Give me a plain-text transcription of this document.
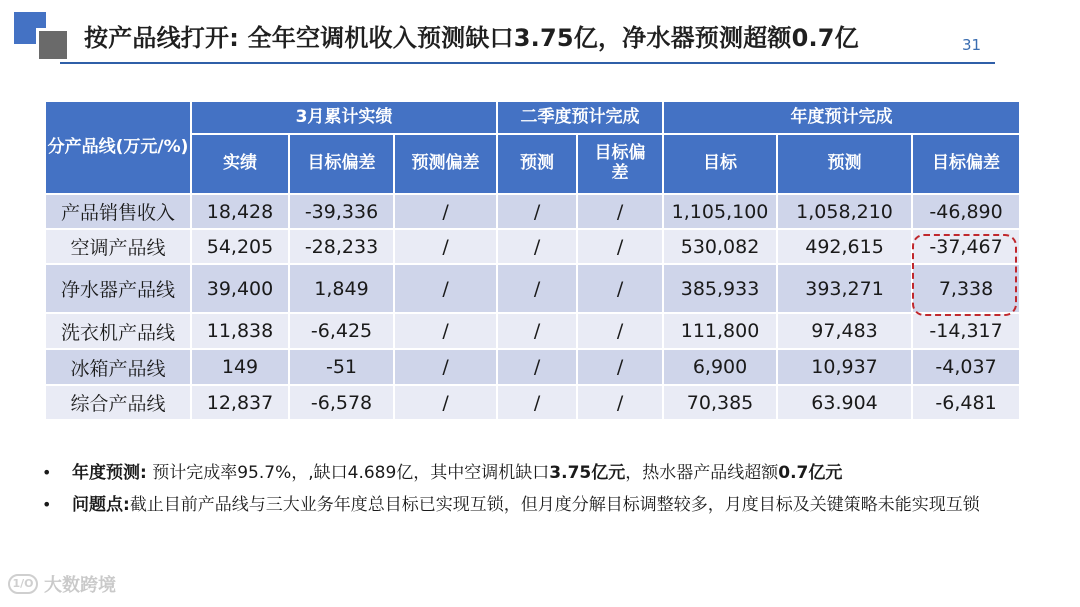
按产品线打开: 全年空调机收入预测缺口3.75亿，净水器预测超额0.7亿	31
分产品线(万元/%)	3月累计实绩			二季度预计完成		年度预计完成		
	实绩	目标偏差	预测偏差	预测	目标偏差	目标	预测	目标偏差
产品销售收入	18,428	-39,336	/	/	/	1,105,100	1,058,210	-46,890
空调产品线	54,205	-28,233	/	/	/	530,082	492,615	-37,467
净水器产品线	39,400	1,849	/	/	/	385,933	393,271	7,338
洗衣机产品线	11,838	-6,425	/	/	/	111,800	97,483	-14,317
冰箱产品线	149	-51	/	/	/	6,900	10,937	-4,037
综合产品线	12,837	-6,578	/	/	/	70,385	63.904	-6,481
• 年度预测: 预计完成率95.7%，,缺口4.689亿，其中空调机缺口3.75亿元，热水器产品线超额0.7亿元
• 问题点:截止目前产品线与三大业务年度总目标已实现互锁，但月度分解目标调整较多，月度目标及关键策略未能实现互锁
1/O 大数跨境
